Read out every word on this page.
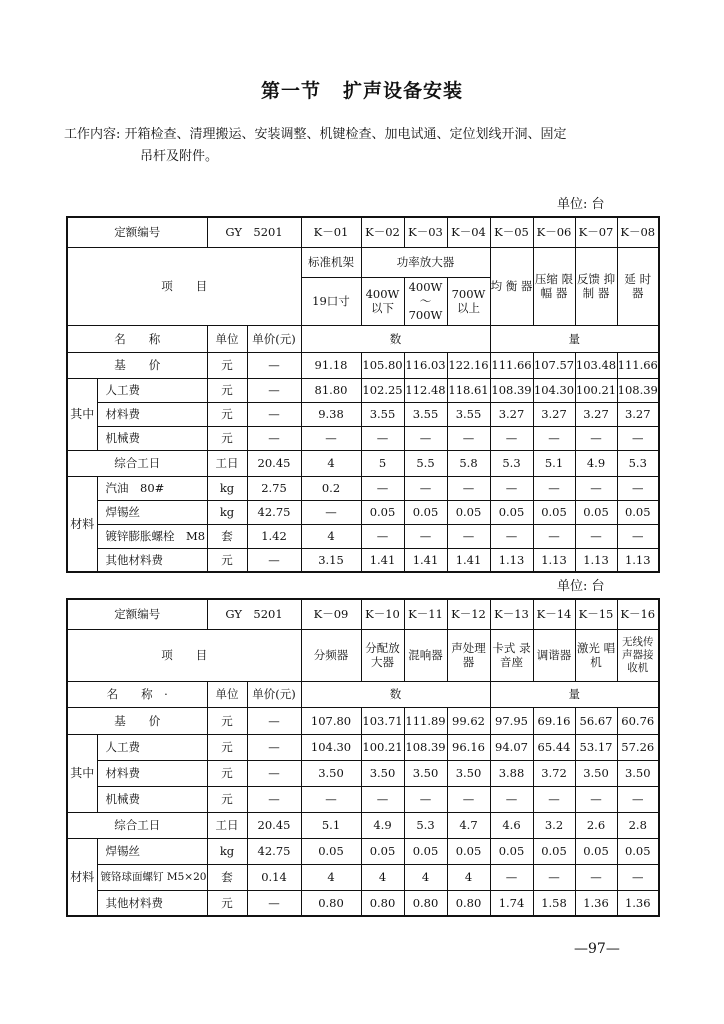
第一节 扩声设备安装
工作内容: 开箱检查、清理搬运、安装调整、机键检查、加电试通、定位划线开洞、固定
吊杆及附件。
单位: 台
定额编号		GY　5201		K－01	K－02	K－03	K－04	K－05	K－06	K－07	K－08
项　　目				标准机架	功率放大器			均 衡 器	压缩 限幅 器	反馈 抑制 器	延 时 器
				19口寸	400W 以下	400W ～ 700W	700W 以上				
名　　称		单位	单价(元)	数				量			
基　　价		元	—	91.18	105.80	116.03	122.16	111.66	107.57	103.48	111.66
其中	人工费	元	—	81.80	102.25	112.48	118.61	108.39	104.30	100.21	108.39
	材料费	元	—	9.38	3.55	3.55	3.55	3.27	3.27	3.27	3.27
	机械费	元	—	—	—	—	—	—	—	—	—
综合工日		工日	20.45	4	5	5.5	5.8	5.3	5.1	4.9	5.3
材料	汽油　80#	kg	2.75	0.2	—	—	—	—	—	—	—
	焊锡丝	kg	42.75	—	0.05	0.05	0.05	0.05	0.05	0.05	0.05
	镀锌膨胀螺栓　M8	套	1.42	4	—	—	—	—	—	—	—
	其他材料费	元	—	3.15	1.41	1.41	1.41	1.13	1.13	1.13	1.13
单位: 台
定额编号		GY　5201		K－09	K－10	K－11	K－12	K－13	K－14	K－15	K－16
项　　目				分频器	分配放 大器	混响器	声处理 器	卡式 录音座	调谐器	激光 唱机	无线传 声器接 收机
名　　称　·		单位	单价(元)	数				量			
基　　价		元	—	107.80	103.71	111.89	99.62	97.95	69.16	56.67	60.76
其中	人工费	元	—	104.30	100.21	108.39	96.16	94.07	65.44	53.17	57.26
	材料费	元	—	3.50	3.50	3.50	3.50	3.88	3.72	3.50	3.50
	机械费	元	—	—	—	—	—	—	—	—	—
综合工日		工日	20.45	5.1	4.9	5.3	4.7	4.6	3.2	2.6	2.8
材料	焊锡丝	kg	42.75	0.05	0.05	0.05	0.05	0.05	0.05	0.05	0.05
	镀铬球面螺钉 M5×20	套	0.14	4	4	4	4	—	—	—	—
	其他材料费	元	—	0.80	0.80	0.80	0.80	1.74	1.58	1.36	1.36
—97—
